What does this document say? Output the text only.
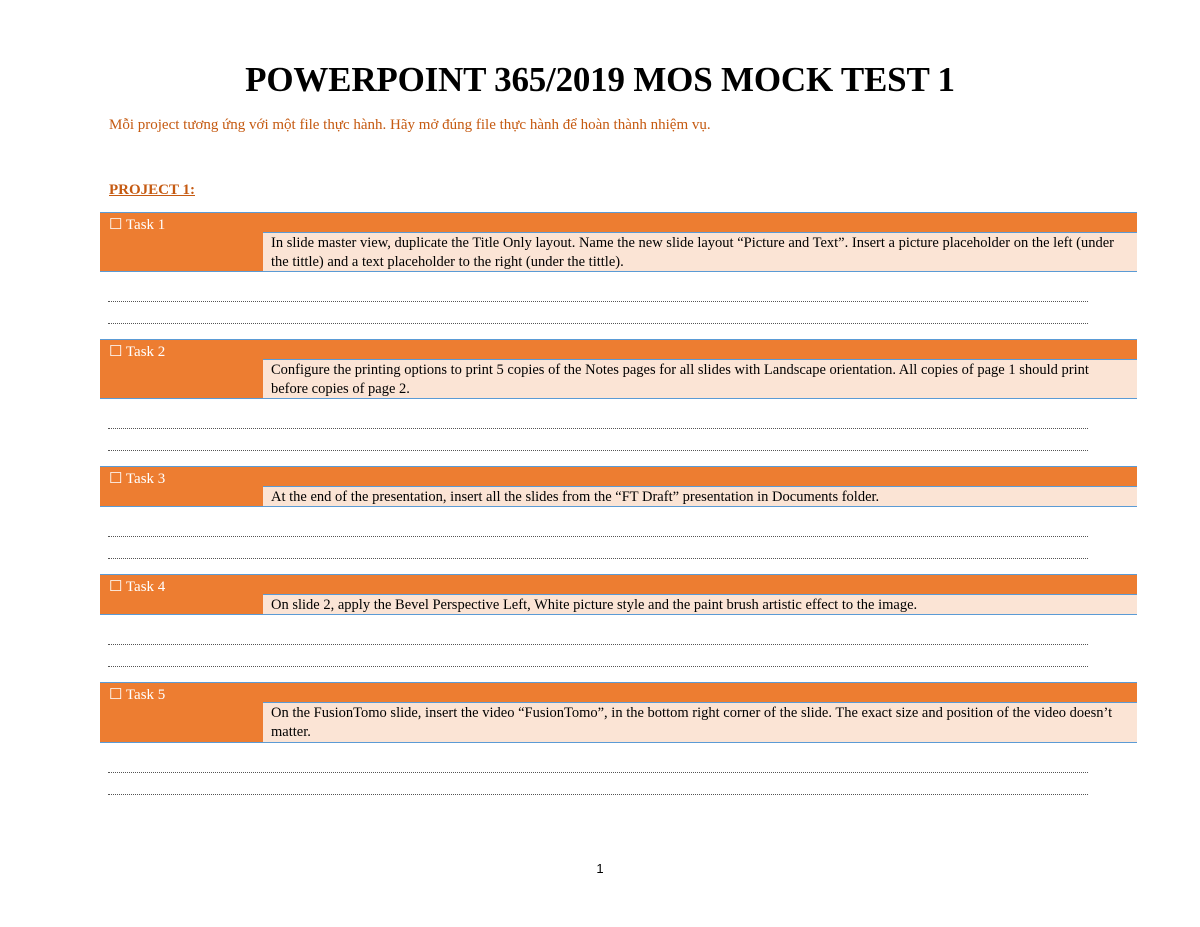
POWERPOINT 365/2019 MOS MOCK TEST 1
Mỗi project tương ứng với một file thực hành. Hãy mở đúng file thực hành để hoàn thành nhiệm vụ.
PROJECT 1:
☐ Task 1
In slide master view, duplicate the Title Only layout. Name the new slide layout “Picture and Text”. Insert a picture placeholder on the left (under the tittle) and a text placeholder to the right (under the tittle).
☐ Task 2
Configure the printing options to print 5 copies of the Notes pages for all slides with Landscape orientation. All copies of page 1 should print before copies of page 2.
☐ Task 3
At the end of the presentation, insert all the slides from the “FT Draft” presentation in Documents folder.
☐ Task 4
On slide 2, apply the Bevel Perspective Left, White picture style and the paint brush artistic effect to the image.
☐ Task 5
On the FusionTomo slide, insert the video “FusionTomo”, in the bottom right corner of the slide. The exact size and position of the video doesn’t matter.
1
